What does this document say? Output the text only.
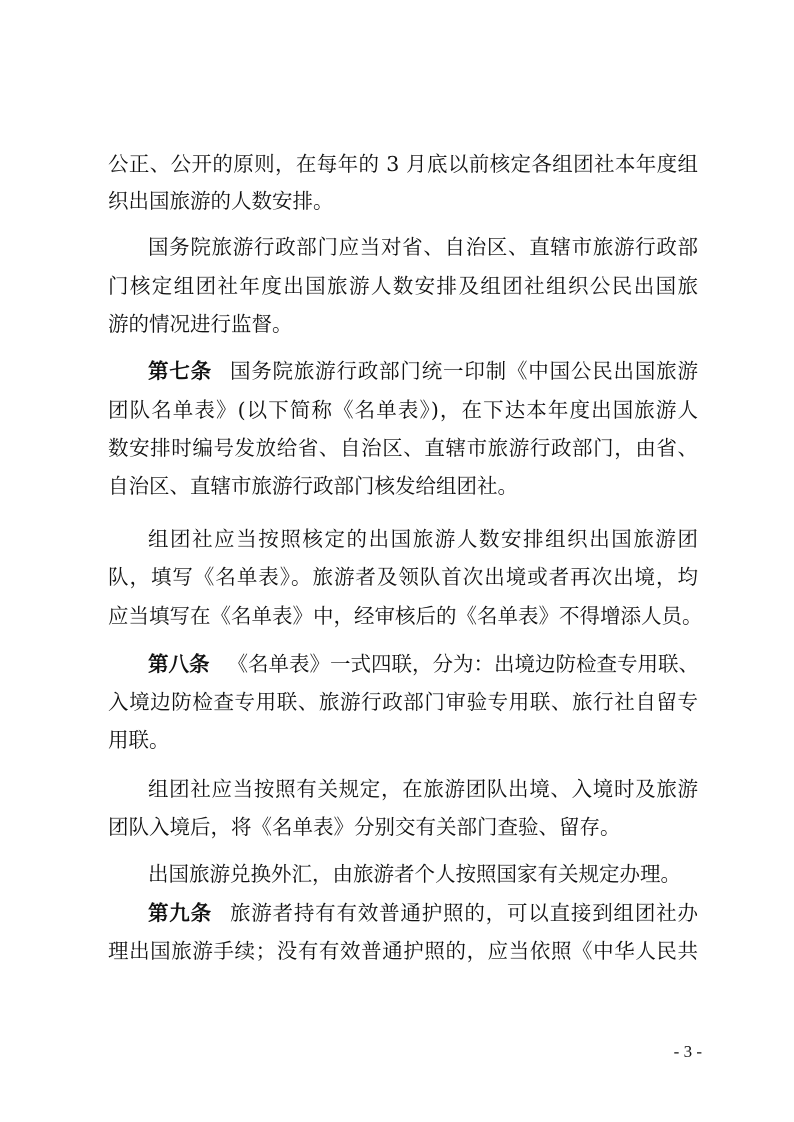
公正、公开的原则，在每年的 3 月底以前核定各组团社本年度组
织出国旅游的人数安排。
国务院旅游行政部门应当对省、自治区、直辖市旅游行政部
门核定组团社年度出国旅游人数安排及组团社组织公民出国旅
游的情况进行监督。
第七条 国务院旅游行政部门统一印制《中国公民出国旅游
团队名单表》(以下简称《名单表》)，在下达本年度出国旅游人
数安排时编号发放给省、自治区、直辖市旅游行政部门，由省、
自治区、直辖市旅游行政部门核发给组团社。
组团社应当按照核定的出国旅游人数安排组织出国旅游团
队，填写《名单表》。旅游者及领队首次出境或者再次出境，均
应当填写在《名单表》中，经审核后的《名单表》不得增添人员。
第八条 《名单表》一式四联，分为：出境边防检查专用联、
入境边防检查专用联、旅游行政部门审验专用联、旅行社自留专
用联。
组团社应当按照有关规定，在旅游团队出境、入境时及旅游
团队入境后，将《名单表》分别交有关部门查验、留存。
出国旅游兑换外汇，由旅游者个人按照国家有关规定办理。
第九条 旅游者持有有效普通护照的，可以直接到组团社办
理出国旅游手续；没有有效普通护照的，应当依照《中华人民共
- 3 -
